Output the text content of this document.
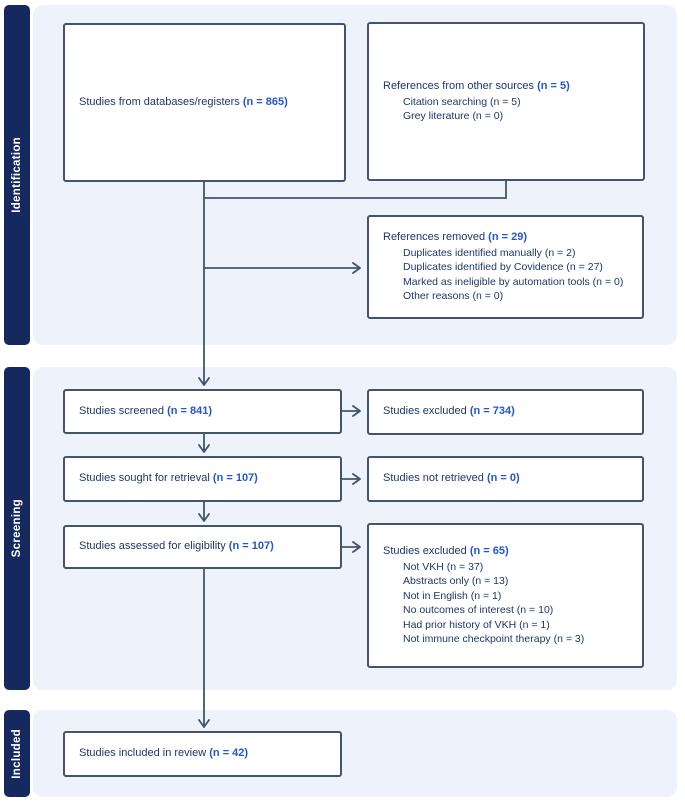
Identification
Screening
Included
Studies from databases/registers (n = 865)
References from other sources (n = 5)
Citation searching (n = 5)
Grey literature (n = 0)
References removed (n = 29)
Duplicates identified manually (n = 2)
Duplicates identified by Covidence (n = 27)
Marked as ineligible by automation tools (n = 0)
Other reasons (n = 0)
Studies screened (n = 841)	Studies excluded (n = 734)
Studies sought for retrieval (n = 107)	Studies not retrieved (n = 0)
Studies assessed for eligibility (n = 107)	Studies excluded (n = 65)
Not VKH (n = 37)
Abstracts only (n = 13)
Not in English (n = 1)
No outcomes of interest (n = 10)
Had prior history of VKH (n = 1)
Not immune checkpoint therapy (n = 3)
Studies included in review (n = 42)
